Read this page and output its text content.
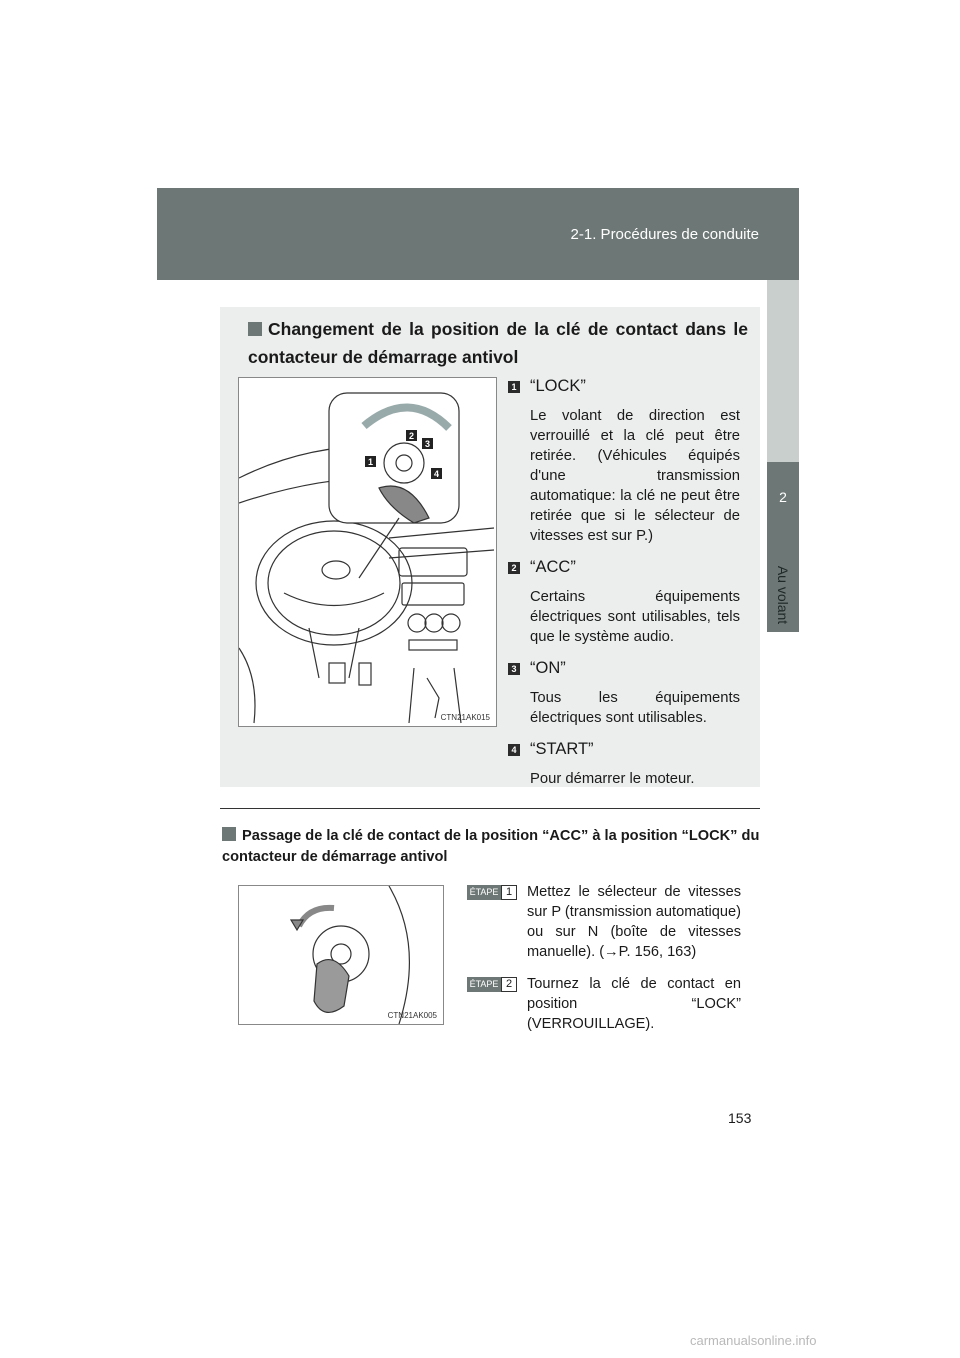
2-1. Procédures de conduite
2
Au volant
Changement de la position de la clé de contact dans le contacteur de démarrage antivol
1
2
3
4
CTN21AK015
1 “LOCK”
Le volant de direction est verrouillé et la clé peut être retirée. (Véhicules équipés d'une transmission automatique: la clé ne peut être retirée que si le sélecteur de vitesses est sur P.)
2 “ACC”
Certains équipements électriques sont utilisables, tels que le système audio.
3 “ON”
Tous les équipements électriques sont utilisables.
4 “START”
Pour démarrer le moteur.
Passage de la clé de contact de la position “ACC” à la position “LOCK” du contacteur de démarrage antivol
CTN21AK005
ÉTAPE 1	Mettez le sélecteur de vitesses sur P (transmission automatique) ou sur N (boîte de vitesses manuelle). (→P. 156, 163)
ÉTAPE 2	Tournez la clé de contact en position “LOCK” (VERROUILLAGE).
153
carmanualsonline.info
